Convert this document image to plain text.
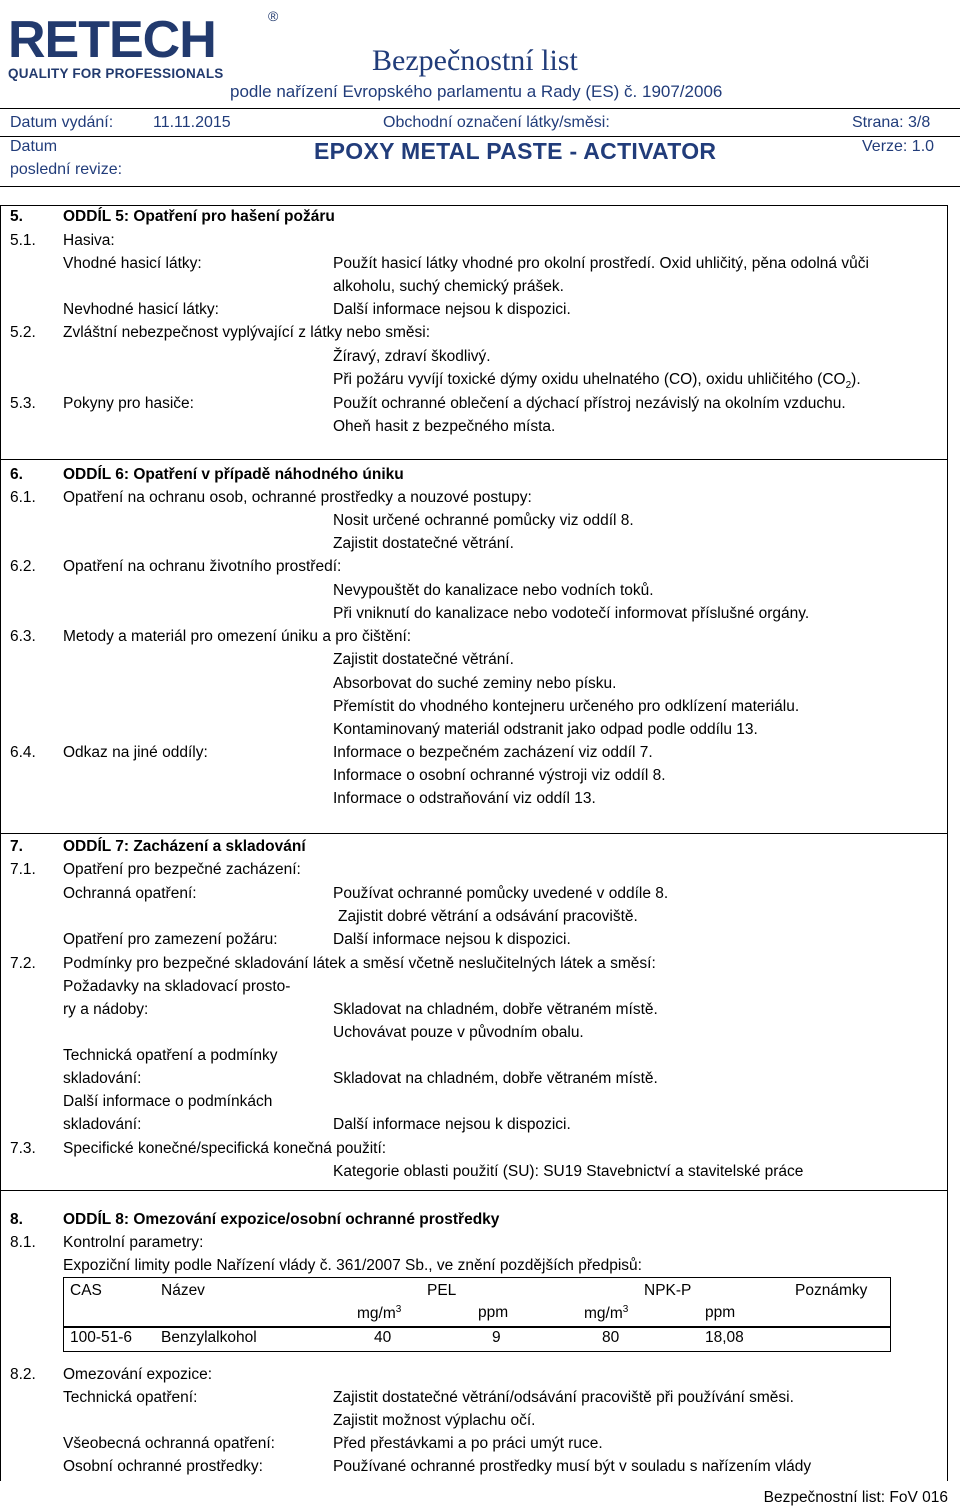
RETECH
QUALITY FOR PROFESSIONALS
®
Bezpečnostní list
podle nařízení Evropského parlamentu a Rady (ES) č. 1907/2006
Datum vydání: 11.11.2015	Obchodní označení látky/směsi:	Strana: 3/8
Datum
poslední revize:
EPOXY METAL PASTE - ACTIVATOR	Verze: 1.0
5.	ODDÍL 5: Opatření pro hašení požáru
5.1. Hasiva:
Vhodné hasicí látky:	Použít hasicí látky vhodné pro okolní prostředí. Oxid uhličitý, pěna odolná vůči
alkoholu, suchý chemický prášek.
Nevhodné hasicí látky:	Další informace nejsou k dispozici.
5.2. Zvláštní nebezpečnost vyplývající z látky nebo směsi:
Žíravý, zdraví škodlivý.
Při požáru vyvíjí toxické dýmy oxidu uhelnatého (CO), oxidu uhličitého $(CO_2)$.
5.3. Pokyny pro hasiče:	Použít ochranné oblečení a dýchací přístroj nezávislý na okolním vzduchu.
Oheň hasit z bezpečného místa.
6.	ODDÍL 6: Opatření v případě náhodného úniku
6.1. Opatření na ochranu osob, ochranné prostředky a nouzové postupy:
Nosit určené ochranné pomůcky viz oddíl 8.
Zajistit dostatečné větrání.
6.2. Opatření na ochranu životního prostředí:
Nevypouštět do kanalizace nebo vodních toků.
Při vniknutí do kanalizace nebo vodotečí informovat příslušné orgány.
6.3. Metody a materiál pro omezení úniku a pro čištění:
Zajistit dostatečné větrání.
Absorbovat do suché zeminy nebo písku.
Přemístit do vhodného kontejneru určeného pro odklízení materiálu.
Kontaminovaný materiál odstranit jako odpad podle oddílu 13.
6.4. Odkaz na jiné oddíly:	Informace o bezpečném zacházení viz oddíl 7.
Informace o osobní ochranné výstroji viz oddíl 8.
Informace o odstraňování viz oddíl 13.
7.	ODDÍL 7: Zacházení a skladování
7.1. Opatření pro bezpečné zacházení:
Ochranná opatření:	Používat ochranné pomůcky uvedené v oddíle 8.
Zajistit dobré větrání a odsávání pracoviště.
Opatření pro zamezení požáru:	Další informace nejsou k dispozici.
7.2. Podmínky pro bezpečné skladování látek a směsí včetně neslučitelných látek a směsí:
Požadavky na skladovací prosto-
ry a nádoby:	Skladovat na chladném, dobře větraném místě.
Uchovávat pouze v původním obalu.
Technická opatření a podmínky
skladování:	Skladovat na chladném, dobře větraném místě.
Další informace o podmínkách
skladování:	Další informace nejsou k dispozici.
7.3. Specifické konečné/specifická konečná použití:
Kategorie oblasti použití (SU): SU19 Stavebnictví a stavitelské práce
8.	ODDÍL 8: Omezování expozice/osobní ochranné prostředky
8.1. Kontrolní parametry:
Expoziční limity podle Nařízení vlády č. 361/2007 Sb., ve znění pozdějších předpisů:
CAS	Název	PEL	NPK-P	Poznámky
$mg/m^3$	ppm	$mg/m^3$	ppm
100-51-6 Benzylalkohol	40	9	80	18,08
8.2. Omezování expozice:
Technická opatření:	Zajistit dostatečné větrání/odsávání pracoviště při používání směsi.
Zajistit možnost výplachu očí.
Všeobecná ochranná opatření:	Před přestávkami a po práci umýt ruce.
Osobní ochranné prostředky:	Používané ochranné prostředky musí být v souladu s nařízením vlády
Bezpečnostní list: FoV 016
